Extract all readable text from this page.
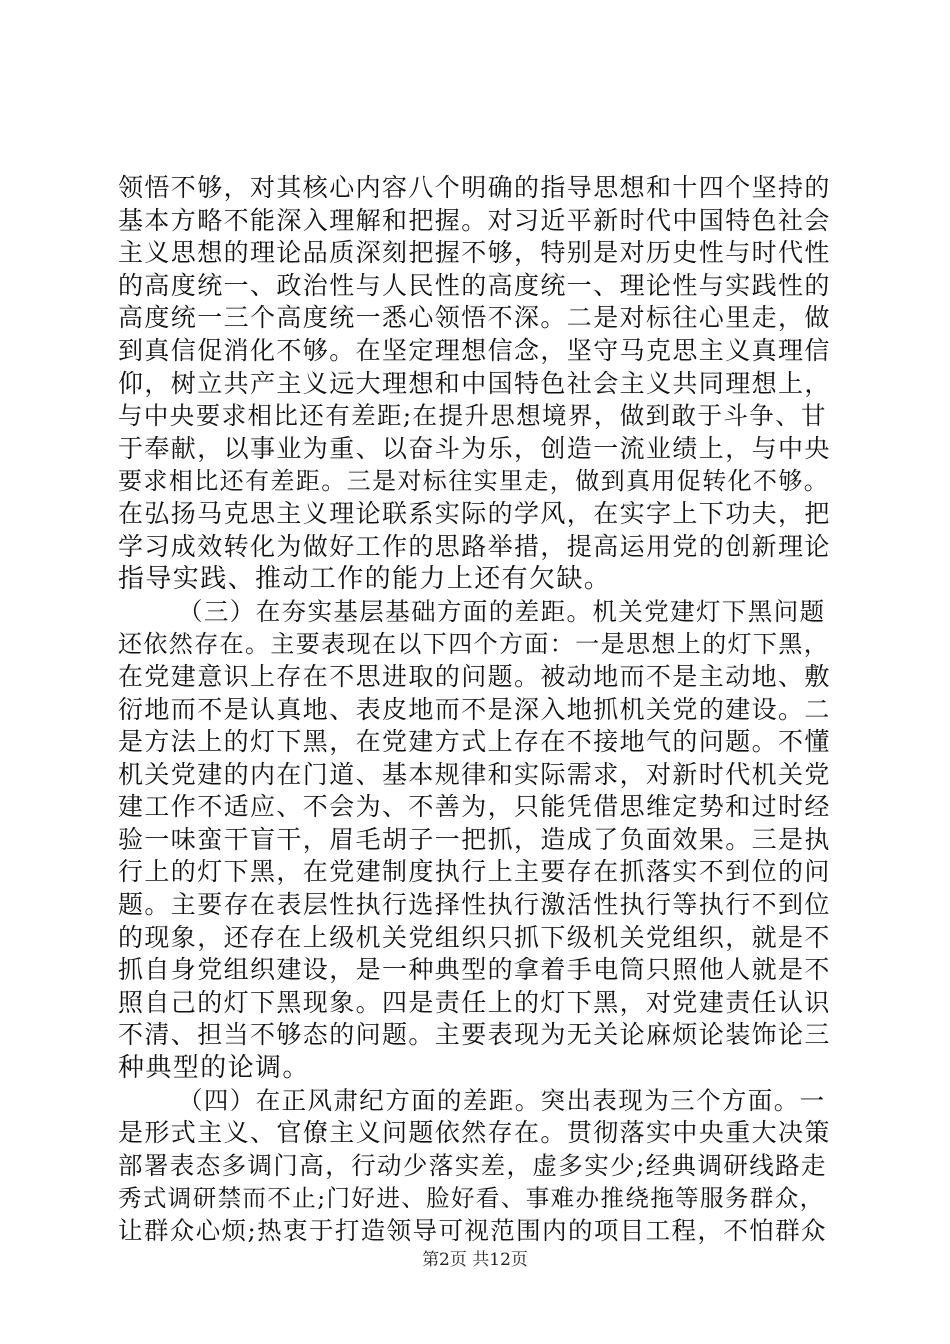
领悟不够，对其核心内容八个明确的指导思想和十四个坚持的
基本方略不能深入理解和把握。对习近平新时代中国特色社会
主义思想的理论品质深刻把握不够，特别是对历史性与时代性
的高度统一、政治性与人民性的高度统一、理论性与实践性的
高度统一三个高度统一悉心领悟不深。二是对标往心里走，做
到真信促消化不够。在坚定理想信念，坚守马克思主义真理信
仰，树立共产主义远大理想和中国特色社会主义共同理想上，
与中央要求相比还有差距;在提升思想境界，做到敢于斗争、甘
于奉献，以事业为重、以奋斗为乐，创造一流业绩上，与中央
要求相比还有差距。三是对标往实里走，做到真用促转化不够。
在弘扬马克思主义理论联系实际的学风，在实字上下功夫，把
学习成效转化为做好工作的思路举措，提高运用党的创新理论
指导实践、推动工作的能力上还有欠缺。
（三）在夯实基层基础方面的差距。机关党建灯下黑问题
还依然存在。主要表现在以下四个方面：一是思想上的灯下黑，
在党建意识上存在不思进取的问题。被动地而不是主动地、敷
衍地而不是认真地、表皮地而不是深入地抓机关党的建设。二
是方法上的灯下黑，在党建方式上存在不接地气的问题。不懂
机关党建的内在门道、基本规律和实际需求，对新时代机关党
建工作不适应、不会为、不善为，只能凭借思维定势和过时经
验一味蛮干盲干，眉毛胡子一把抓，造成了负面效果。三是执
行上的灯下黑，在党建制度执行上主要存在抓落实不到位的问
题。主要存在表层性执行选择性执行激活性执行等执行不到位
的现象，还存在上级机关党组织只抓下级机关党组织，就是不
抓自身党组织建设，是一种典型的拿着手电筒只照他人就是不
照自己的灯下黑现象。四是责任上的灯下黑，对党建责任认识
不清、担当不够态的问题。主要表现为无关论麻烦论装饰论三
种典型的论调。
（四）在正风肃纪方面的差距。突出表现为三个方面。一
是形式主义、官僚主义问题依然存在。贯彻落实中央重大决策
部署表态多调门高，行动少落实差，虚多实少;经典调研线路走
秀式调研禁而不止;门好进、脸好看、事难办推绕拖等服务群众，
让群众心烦;热衷于打造领导可视范围内的项目工程，不怕群众
第2页 共12页
